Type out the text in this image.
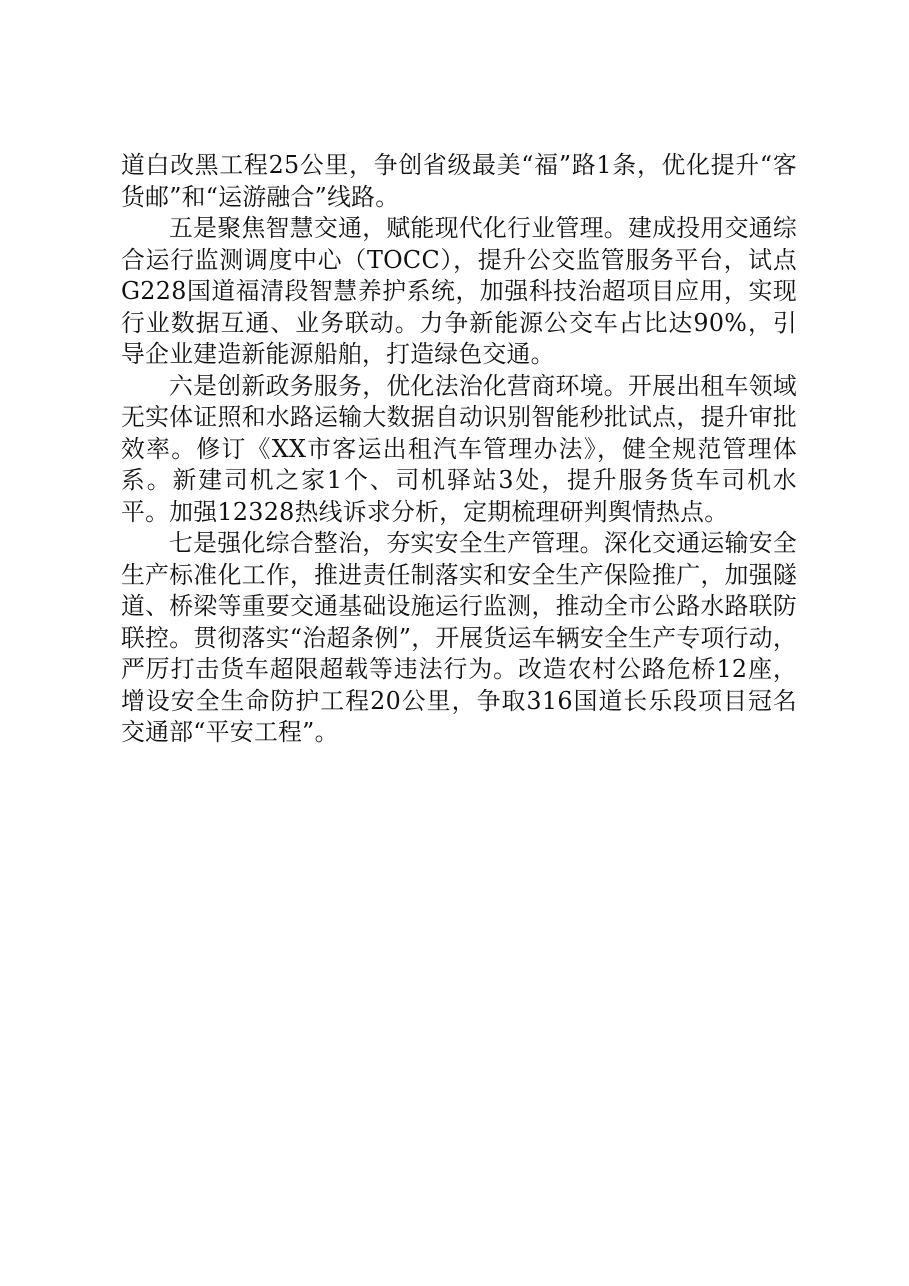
道白改黑工程25公里，争创省级最美“福”路1条，优化提升“客货邮”和“运游融合”线路。

五是聚焦智慧交通，赋能现代化行业管理。建成投用交通综合运行监测调度中心（TOCC），提升公交监管服务平台，试点G228国道福清段智慧养护系统，加强科技治超项目应用，实现行业数据互通、业务联动。力争新能源公交车占比达90%，引导企业建造新能源船舶，打造绿色交通。

六是创新政务服务，优化法治化营商环境。开展出租车领域无实体证照和水路运输大数据自动识别智能秒批试点，提升审批效率。修订《XX市客运出租汽车管理办法》，健全规范管理体系。新建司机之家1个、司机驿站3处，提升服务货车司机水平。加强12328热线诉求分析，定期梳理研判舆情热点。

七是强化综合整治，夯实安全生产管理。深化交通运输安全生产标准化工作，推进责任制落实和安全生产保险推广，加强隧道、桥梁等重要交通基础设施运行监测，推动全市公路水路联防联控。贯彻落实“治超条例”，开展货运车辆安全生产专项行动，严厉打击货车超限超载等违法行为。改造农村公路危桥12座，增设安全生命防护工程20公里，争取316国道长乐段项目冠名交通部“平安工程”。
